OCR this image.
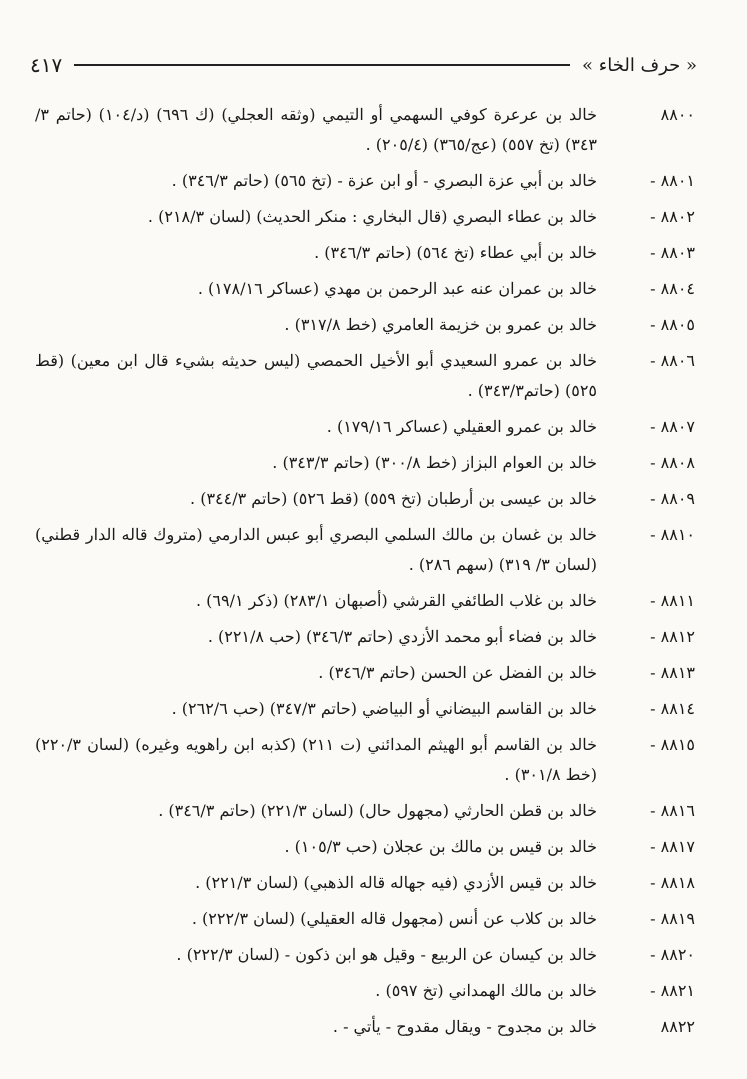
« حرف الخاء »
٤١٧
٨٨٠٠
خالد بن عرعرة كوفي السهمي أو التيمي (وثقه العجلي) (ك ٦٩٦) (د/١٠٤) (حاتم ٣/ ٣٤٣) (تخ ٥٥٧) (عج/٣٦٥) (٢٠٥/٤) .
٨٨٠١ -
خالد بن أبي عزة البصري - أو ابن عزة - (تخ ٥٦٥) (حاتم ٣٤٦/٣) .
٨٨٠٢ -
خالد بن عطاء البصري (قال البخاري : منكر الحديث) (لسان ٢١٨/٣) .
٨٨٠٣ -
خالد بن أبي عطاء (تخ ٥٦٤) (حاتم ٣٤٦/٣) .
٨٨٠٤ -
خالد بن عمران عنه عبد الرحمن بن مهدي (عساكر ١٧٨/١٦) .
٨٨٠٥ -
خالد بن عمرو بن خزيمة العامري (خط ٣١٧/٨) .
٨٨٠٦ -
خالد بن عمرو السعيدي أبو الأخيل الحمصي (ليس حديثه بشيء قال ابن معين) (قط ٥٢٥) (حاتم٣٤٣/٣) .
٨٨٠٧ -
خالد بن عمرو العقيلي (عساكر ١٧٩/١٦) .
٨٨٠٨ -
خالد بن العوام البزاز (خط ٣٠٠/٨) (حاتم ٣٤٣/٣) .
٨٨٠٩ -
خالد بن عيسى بن أرطبان (تخ ٥٥٩) (قط ٥٢٦) (حاتم ٣٤٤/٣) .
٨٨١٠ -
خالد بن غسان بن مالك السلمي البصري أبو عبس الدارمي (متروك قاله الدار قطني) (لسان ٣/ ٣١٩) (سهم ٢٨٦) .
٨٨١١ -
خالد بن غلاب الطائفي القرشي (أصبهان ٢٨٣/١) (ذكر ٦٩/١) .
٨٨١٢ -
خالد بن فضاء أبو محمد الأزدي (حاتم ٣٤٦/٣) (حب ٢٢١/٨) .
٨٨١٣ -
خالد بن الفضل عن الحسن (حاتم ٣٤٦/٣) .
٨٨١٤ -
خالد بن القاسم البيضاني أو البياضي (حاتم ٣٤٧/٣) (حب ٢٦٢/٦) .
٨٨١٥ -
خالد بن القاسم أبو الهيثم المدائني (ت ٢١١) (كذبه ابن راهويه وغيره) (لسان ٢٢٠/٣) (خط ٣٠١/٨) .
٨٨١٦ -
خالد بن قطن الحارثي (مجهول حال) (لسان ٢٢١/٣) (حاتم ٣٤٦/٣) .
٨٨١٧ -
خالد بن قيس بن مالك بن عجلان (حب ١٠٥/٣) .
٨٨١٨ -
خالد بن قيس الأزدي (فيه جهاله قاله الذهبي) (لسان ٢٢١/٣) .
٨٨١٩ -
خالد بن كلاب عن أنس (مجهول قاله العقيلي) (لسان ٢٢٢/٣) .
٨٨٢٠ -
خالد بن كيسان عن الربيع - وقيل هو ابن ذكون - (لسان ٢٢٢/٣) .
٨٨٢١ -
خالد بن مالك الهمداني (تخ ٥٩٧) .
٨٨٢٢
خالد بن مجدوح - ويقال مقدوح - يأتي - .
